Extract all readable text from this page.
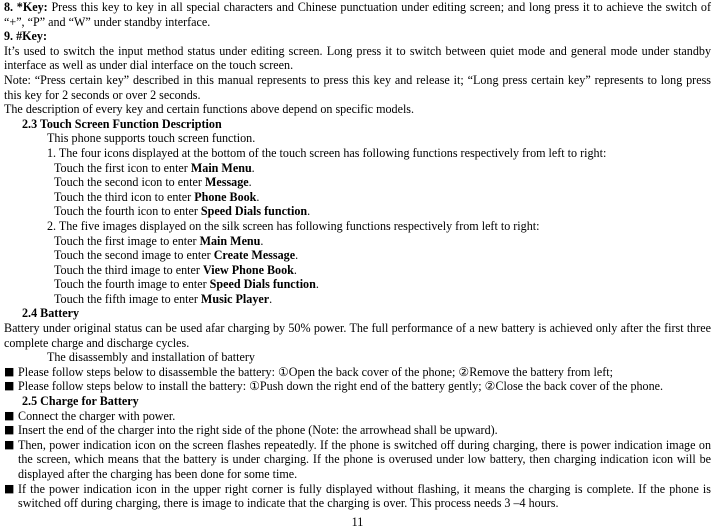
8. *Key: Press this key to key in all special characters and Chinese punctuation under editing screen; and long press it to achieve the switch of “+”, “P” and “W” under standby interface.

9. #Key:

It’s used to switch the input method status under editing screen. Long press it to switch between quiet mode and general mode under standby interface as well as under dial interface on the touch screen.

Note: “Press certain key” described in this manual represents to press this key and release it; “Long press certain key” represents to long press this key for 2 seconds or over 2 seconds.

The description of every key and certain functions above depend on specific models.

2.3 Touch Screen Function Description

This phone supports touch screen function.

1. The four icons displayed at the bottom of the touch screen has following functions respectively from left to right:

Touch the first icon to enter Main Menu.

Touch the second icon to enter Message.

Touch the third icon to enter Phone Book.

Touch the fourth icon to enter Speed Dials function.

2. The five images displayed on the silk screen has following functions respectively from left to right:

Touch the first image to enter Main Menu.

Touch the second image to enter Create Message.

Touch the third image to enter View Phone Book.

Touch the fourth image to enter Speed Dials function.

Touch the fifth image to enter Music Player.

2.4 Battery

Battery under original status can be used afar charging by 50% power. The full performance of a new battery is achieved only after the first three complete charge and discharge cycles.

The disassembly and installation of battery

■ Please follow steps below to disassemble the battery: ①Open the back cover of the phone; ②Remove the battery from left;
■ Please follow steps below to install the battery: ①Push down the right end of the battery gently; ②Close the back cover of the phone.

2.5 Charge for Battery

■ Connect the charger with power.
■ Insert the end of the charger into the right side of the phone (Note: the arrowhead shall be upward).
■ Then, power indication icon on the screen flashes repeatedly. If the phone is switched off during charging, there is power indication image on the screen, which means that the battery is under charging. If the phone is overused under low battery, then charging indication icon will be displayed after the charging has been done for some time.
■ If the power indication icon in the upper right corner is fully displayed without flashing, it means the charging is complete. If the phone is switched off during charging, there is image to indicate that the charging is over. This process needs 3 –4 hours.
11
